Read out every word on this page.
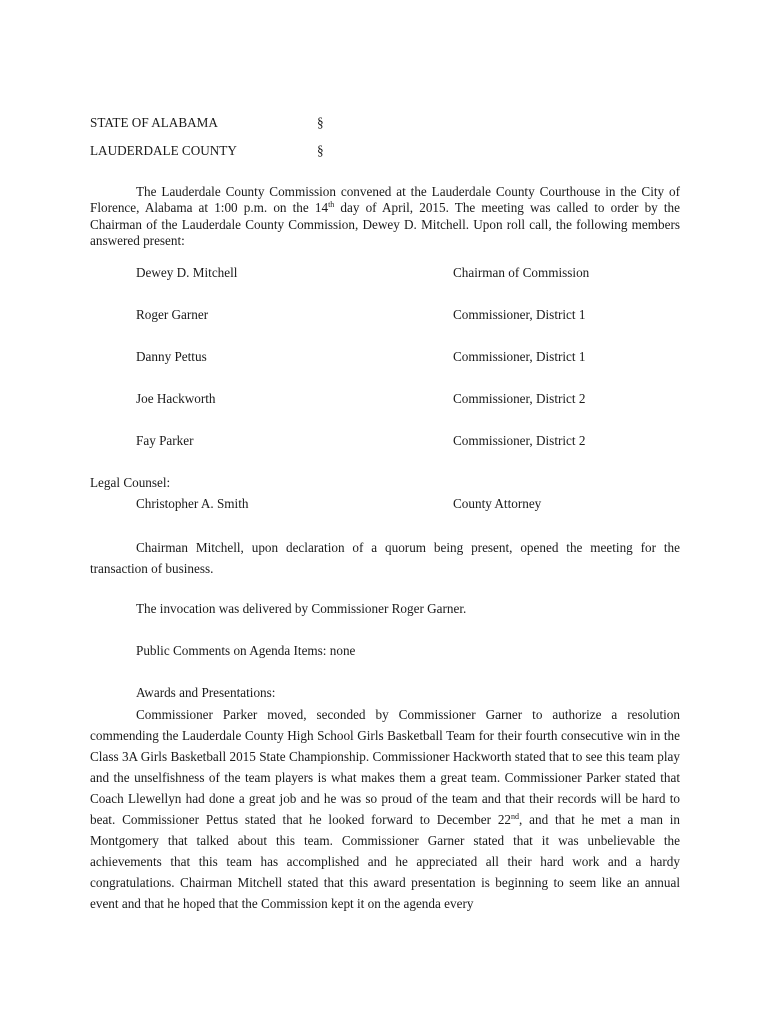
STATE OF ALABAMA	§
LAUDERDALE COUNTY	§
The Lauderdale County Commission convened at the Lauderdale County Courthouse in the City of Florence, Alabama at 1:00 p.m. on the 14th day of April, 2015. The meeting was called to order by the Chairman of the Lauderdale County Commission, Dewey D. Mitchell. Upon roll call, the following members answered present:
Dewey D. Mitchell	Chairman of Commission
Roger Garner	Commissioner, District 1
Danny Pettus	Commissioner, District 1
Joe Hackworth	Commissioner, District 2
Fay Parker	Commissioner, District 2
Legal Counsel:
Christopher A. Smith	County Attorney
Chairman Mitchell, upon declaration of a quorum being present, opened the meeting for the transaction of business.
The invocation was delivered by Commissioner Roger Garner.
Public Comments on Agenda Items: none
Awards and Presentations:
Commissioner Parker moved, seconded by Commissioner Garner to authorize a resolution commending the Lauderdale County High School Girls Basketball Team for their fourth consecutive win in the Class 3A Girls Basketball 2015 State Championship. Commissioner Hackworth stated that to see this team play and the unselfishness of the team players is what makes them a great team. Commissioner Parker stated that Coach Llewellyn had done a great job and he was so proud of the team and that their records will be hard to beat. Commissioner Pettus stated that he looked forward to December 22nd, and that he met a man in Montgomery that talked about this team. Commissioner Garner stated that it was unbelievable the achievements that this team has accomplished and he appreciated all their hard work and a hardy congratulations. Chairman Mitchell stated that this award presentation is beginning to seem like an annual event and that he hoped that the Commission kept it on the agenda every
